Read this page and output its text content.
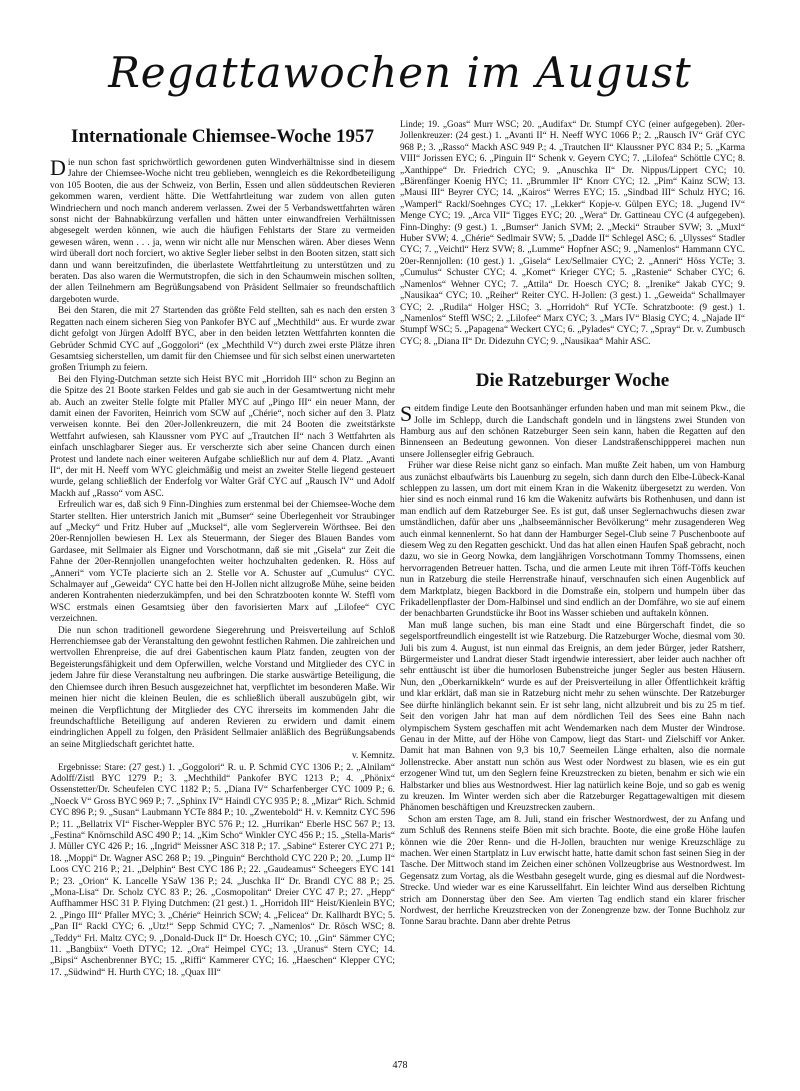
Regattawochen im August
Internationale Chiemsee-Woche 1957

Die nun schon fast sprichwörtlich gewordenen guten Windverhältnisse sind in diesem Jahre der Chiemsee-Woche nicht treu geblieben, wenngleich es die Rekordbeteiligung von 105 Booten, die aus der Schweiz, von Berlin, Essen und allen süddeutschen Revieren gekommen waren, verdient hätte. Die Wettfahrtleitung war zudem von allen guten Windriechern und noch manch anderem verlassen. Zwei der 5 Verbandswettfahrten wären sonst nicht der Bahnabkürzung verfallen und hätten unter einwandfreien Verhältnissen abgesegelt werden können, wie auch die häufigen Fehlstarts der Stare zu vermeiden gewesen wären, wenn . . . ja, wenn wir nicht alle nur Menschen wären. Aber dieses Wenn wird überall dort noch forciert, wo aktive Segler lieber selbst in den Booten sitzen, statt sich dann und wann bereitzufinden, die überlastete Wettfahrtleitung zu unterstützen und zu beraten. Das also waren die Wermutstropfen, die sich in den Schaumwein mischen sollten, der allen Teilnehmern am Begrüßungsabend von Präsident Sellmaier so freundschaftlich dargeboten wurde.

Bei den Staren, die mit 27 Startenden das größte Feld stellten, sah es nach den ersten 3 Regatten nach einem sicheren Sieg von Pankofer BYC auf „Mechthild“ aus. Er wurde zwar dicht gefolgt von Jürgen Adolff BYC, aber in den beiden letzten Wettfahrten konnten die Gebrüder Schmid CYC auf „Goggolori“ (ex „Mechthild V“) durch zwei erste Plätze ihren Gesamtsieg sicherstellen, um damit für den Chiemsee und für sich selbst einen unerwarteten großen Triumph zu feiern.

Bei den Flying-Dutchman setzte sich Heist BYC mit „Horridoh III“ schon zu Beginn an die Spitze des 21 Boote starken Feldes und gab sie auch in der Gesamtwertung nicht mehr ab. Auch an zweiter Stelle folgte mit Pfaller MYC auf „Pingo III“ ein neuer Mann, der damit einen der Favoriten, Heinrich vom SCW auf „Chérie“, noch sicher auf den 3. Platz verweisen konnte. Bei den 20er-Jollenkreuzern, die mit 24 Booten die zweitstärkste Wettfahrt aufwiesen, sah Klaussner vom PYC auf „Trautchen II“ nach 3 Wettfahrten als einfach unschlagbarer Sieger aus. Er verscherzte sich aber seine Chancen durch einen Protest und landete nach einer weiteren Aufgabe schließlich nur auf dem 4. Platz. „Avanti II“, der mit H. Neeff vom WYC gleichmäßig und meist an zweiter Stelle liegend gesteuert wurde, gelang schließlich der Enderfolg vor Walter Gräf CYC auf „Rausch IV“ und Adolf Mackh auf „Rasso“ vom ASC.

Erfreulich war es, daß sich 9 Finn-Dinghies zum erstenmal bei der Chiemsee-Woche dem Starter stellten. Hier unterstrich Janich mit „Bumser“ seine Überlegenheit vor Straubinger auf „Mecky“ und Fritz Huber auf „Mucksel“, alle vom Seglerverein Wörthsee. Bei den 20er-Rennjollen bewiesen H. Lex als Steuermann, der Sieger des Blauen Bandes vom Gardasee, mit Sellmaier als Eigner und Vorschotmann, daß sie mit „Gisela“ zur Zeit die Fahne der 20er-Rennjollen unangefochten weiter hochzuhalten gedenken. R. Höss auf „Anneri“ vom YCTe placierte sich an 2. Stelle vor A. Schuster auf „Cumulus“ CYC. Schalmayer auf „Geweida“ CYC hatte bei den H-Jollen nicht allzugroße Mühe, seine beiden anderen Kontrahenten niederzukämpfen, und bei den Schratzbooten konnte W. Steffl vom WSC erstmals einen Gesamtsieg über den favorisierten Marx auf „Lilofee“ CYC verzeichnen.

Die nun schon traditionell gewordene Siegerehrung und Preisverteilung auf Schloß Herrenchiemsee gab der Veranstaltung den gewohnt festlichen Rahmen. Die zahlreichen und wertvollen Ehrenpreise, die auf drei Gabentischen kaum Platz fanden, zeugten von der Begeisterungsfähigkeit und dem Opferwillen, welche Vorstand und Mitglieder des CYC in jedem Jahre für diese Veranstaltung neu aufbringen. Die starke auswärtige Beteiligung, die den Chiemsee durch ihren Besuch ausgezeichnet hat, verpflichtet im besonderen Maße. Wir meinen hier nicht die kleinen Beulen, die es schließlich überall auszubügeln gibt, wir meinen die Verpflichtung der Mitglieder des CYC ihrerseits im kommenden Jahr die freundschaftliche Beteiligung auf anderen Revieren zu erwidern und damit einem eindringlichen Appell zu folgen, den Präsident Sellmaier anläßlich des Begrüßungsabends an seine Mitgliedschaft gerichtet hatte.

v. Kemnitz.

Ergebnisse: Stare: (27 gest.) 1. „Goggolori“ R. u. P. Schmid CYC 1306 P.; 2. „Alnilam“ Adolff/Zistl BYC 1279 P.; 3. „Mechthild“ Pankofer BYC 1213 P.; 4. „Phönix“ Ossenstetter/Dr. Scheufelen CYC 1182 P.; 5. „Diana IV“ Scharfenberger CYC 1009 P.; 6. „Noeck V“ Gross BYC 969 P.; 7. „Sphinx IV“ Haindl CYC 935 P.; 8. „Mizar“ Rich. Schmid CYC 896 P.; 9. „Susan“ Laubmann YCTe 884 P.; 10. „Zwentebold“ H. v. Kemnitz CYC 596 P.; 11. „Bellatrix VI“ Fischer-Weppler BYC 576 P.; 12. „Hurrikan“ Eberle HSC 567 P.; 13. „Festina“ Knörnschild ASC 490 P.; 14. „Kim Scho“ Winkler CYC 456 P.; 15. „Stella-Maris“ J. Müller CYC 426 P.; 16. „Ingrid“ Meissner ASC 318 P.; 17. „Sabine“ Esterer CYC 271 P.; 18. „Moppi“ Dr. Wagner ASC 268 P.; 19. „Pinguin“ Berchthold CYC 220 P.; 20. „Lump II“ Loos CYC 216 P.; 21. „Delphin“ Best CYC 186 P.; 22. „Gaudeamus“ Scheegers EYC 141 P.; 23. „Orion“ K. Lancelle YSaW 136 P.; 24. „Juschka II“ Dr. Brandl CYC 88 P.; 25. „Mona-Lisa“ Dr. Scholz CYC 83 P.; 26. „Cosmopolitan“ Dreier CYC 47 P.; 27. „Hepp“ Auffhammer HSC 31 P. Flying Dutchmen: (21 gest.) 1. „Horridoh III“ Heist/Kienlein BYC; 2. „Pingo III“ Pfaller MYC; 3. „Chérie“ Heinrich SCW; 4. „Felicea“ Dr. Kallhardt BYC; 5. „Pan II“ Rackl CYC; 6. „Utz!“ Sepp Schmid CYC; 7. „Namenlos“ Dr. Rösch WSC; 8. „Teddy“ Frl. Maltz CYC; 9. „Donald-Duck II“ Dr. Hoesch CYC; 10. „Gin“ Sämmer CYC; 11. „Bangbüx“ Voeth DTYC; 12. „Ora“ Heimpel CYC; 13. „Uranus“ Stern CYC; 14. „Bipsi“ Aschenbrenner BYC; 15. „Riffi“ Kammerer CYC; 16. „Haeschen“ Klepper CYC; 17. „Südwind“ H. Hurth CYC; 18. „Quax III“

Linde; 19. „Goas“ Murr WSC; 20. „Audifax“ Dr. Stumpf CYC (einer aufgegeben). 20er-Jollenkreuzer: (24 gest.) 1. „Avanti II“ H. Neeff WYC 1066 P.; 2. „Rausch IV“ Gräf CYC 968 P.; 3. „Rasso“ Mackh ASC 949 P.; 4. „Trautchen II“ Klaussner PYC 834 P.; 5. „Karma VIII“ Jorissen EYC; 6. „Pinguin II“ Schenk v. Geyern CYC; 7. „Lilofea“ Schöttle CYC; 8. „Xanthippe“ Dr. Friedrich CYC; 9. „Anuschka II“ Dr. Nippus/Lippert CYC; 10. „Bärenfänger Koenig HYC; 11. „Brummler II“ Knorr CYC; 12. „Pim“ Kainz SCW; 13. „Mausi III“ Beyrer CYC; 14. „Kairos“ Werres EYC; 15. „Sindbad III“ Schulz HYC; 16. „Wamperl“ Rackl/Soehnges CYC; 17. „Lekker“ Kopje-v. Gülpen EYC; 18. „Jugend IV“ Menge CYC; 19. „Arca VII“ Tigges EYC; 20. „Wera“ Dr. Gattineau CYC (4 aufgegeben). Finn-Dinghy: (9 gest.) 1. „Bumser“ Janich SVM; 2. „Mecki“ Strauber SVW; 3. „Muxl“ Huber SVW; 4. „Chérie“ Sedlmair SVW; 5. „Dadde II“ Schlegel ASC; 6. „Ulysses“ Stadler CYC; 7. „Veichtl“ Herz SVW; 8. „Lumme“ Hopfner ASC; 9. „Namenlos“ Hammann CYC. 20er-Rennjollen: (10 gest.) 1. „Gisela“ Lex/Sellmaier CYC; 2. „Anneri“ Höss YCTe; 3. „Cumulus“ Schuster CYC; 4. „Komet“ Krieger CYC; 5. „Rastenie“ Schaber CYC; 6. „Namenlos“ Wehner CYC; 7. „Attila“ Dr. Hoesch CYC; 8. „Irenike“ Jakab CYC; 9. „Nausikaa“ CYC; 10. „Reiher“ Reiter CYC. H-Jollen: (3 gest.) 1. „Geweida“ Schallmayer CYC; 2. „Rudila“ Holger HSC; 3. „Horridoh“ Ruf YCTe. Schratzboote: (9 gest.) 1. „Namenlos“ Steffl WSC; 2. „Lilofee“ Marx CYC; 3. „Mars IV“ Blasig CYC; 4. „Najade II“ Stumpf WSC; 5. „Papagena“ Weckert CYC; 6. „Pylades“ CYC; 7. „Spray“ Dr. v. Zumbusch CYC; 8. „Diana II“ Dr. Didezuhn CYC; 9. „Nausikaa“ Mahir ASC.

Die Ratzeburger Woche

Seitdem findige Leute den Bootsanhänger erfunden haben und man mit seinem Pkw., die Jolle im Schlepp, durch die Landschaft gondeln und in längstens zwei Stunden von Hamburg aus auf den schönen Ratzeburger Seen sein kann, haben die Regatten auf den Binnenseen an Bedeutung gewonnen. Von dieser Landstraßenschippperei machen nun unsere Jollensegler eifrig Gebrauch.

Früher war diese Reise nicht ganz so einfach. Man mußte Zeit haben, um von Hamburg aus zunächst elbaufwärts bis Lauenburg zu segeln, sich dann durch den Elbe-Lübeck-Kanal schleppen zu lassen, um dort mit einem Kran in die Wakenitz übergesetzt zu werden. Von hier sind es noch einmal rund 16 km die Wakenitz aufwärts bis Rothenhusen, und dann ist man endlich auf dem Ratzeburger See. Es ist gut, daß unser Seglernachwuchs diesen zwar umständlichen, dafür aber uns „halbseemännischer Bevölkerung“ mehr zusagenderen Weg auch einmal kennenlernt. So hat dann der Hamburger Segel-Club seine 7 Puschenboote auf diesem Weg zu den Regatten geschickt. Und das hat allen einen Haufen Spaß gebracht, noch dazu, wo sie in Georg Nowka, dem langjährigen Vorschotmann Tommy Thomssens, einen hervorragenden Betreuer hatten. Tscha, und die armen Leute mit ihren Töff-Töffs keuchen nun in Ratzeburg die steile Herrenstraße hinauf, verschnaufen sich einen Augenblick auf dem Marktplatz, biegen Backbord in die Domstraße ein, stolpern und humpeln über das Frikadellenpflaster der Dom-Halbinsel und sind endlich an der Domfähre, wo sie auf einem der benachbarten Grundstücke ihr Boot ins Wasser schieben und auftakeln können.

Man muß lange suchen, bis man eine Stadt und eine Bürgerschaft findet, die so segelsportfreundlich eingestellt ist wie Ratzeburg. Die Ratzeburger Woche, diesmal vom 30. Juli bis zum 4. August, ist nun einmal das Ereignis, an dem jeder Bürger, jeder Ratsherr, Bürgermeister und Landrat dieser Stadt irgendwie interessiert, aber leider auch nachher oft sehr enttäuscht ist über die humorlosen Bubenstreiche junger Segler aus besten Häusern. Nun, den „Oberkarnikkeln“ wurde es auf der Preisverteilung in aller Öffentlichkeit kräftig und klar erklärt, daß man sie in Ratzeburg nicht mehr zu sehen wünschte. Der Ratzeburger See dürfte hinlänglich bekannt sein. Er ist sehr lang, nicht allzubreit und bis zu 25 m tief. Seit den vorigen Jahr hat man auf dem nördlichen Teil des Sees eine Bahn nach olympischem System geschaffen mit acht Wendemarken nach dem Muster der Windrose. Genau in der Mitte, auf der Höhe von Campow, liegt das Start- und Zielschiff vor Anker. Damit hat man Bahnen von 9,3 bis 10,7 Seemeilen Länge erhalten, also die normale Jollenstrecke. Aber anstatt nun schön aus West oder Nordwest zu blasen, wie es ein gut erzogener Wind tut, um den Seglern feine Kreuzstrecken zu bieten, benahm er sich wie ein Halbstarker und blies aus Westnordwest. Hier lag natürlich keine Boje, und so gab es wenig zu kreuzen. Im Winter werden sich aber die Ratzeburger Regattagewaltigen mit diesem Phänomen beschäftigen und Kreuzstrecken zaubern.

Schon am ersten Tage, am 8. Juli, stand ein frischer Westnordwest, der zu Anfang und zum Schluß des Rennens steife Böen mit sich brachte. Boote, die eine große Höhe laufen können wie die 20er Renn- und die H-Jollen, brauchten nur wenige Kreuzschläge zu machen. Wer einen Startplatz in Luv erwischt hatte, hatte damit schon fast seinen Sieg in der Tasche. Der Mittwoch stand im Zeichen einer schönen Vollzeugbrise aus Westnordwest. Im Gegensatz zum Vortag, als die Westbahn gesegelt wurde, ging es diesmal auf die Nordwest-Strecke. Und wieder war es eine Karussellfahrt. Ein leichter Wind aus derselben Richtung strich am Donnerstag über den See. Am vierten Tag endlich stand ein klarer frischer Nordwest, der herrliche Kreuzstrecken von der Zonengrenze bzw. der Tonne Buchholz zur Tonne Sarau brachte. Dann aber drehte Petrus

478
